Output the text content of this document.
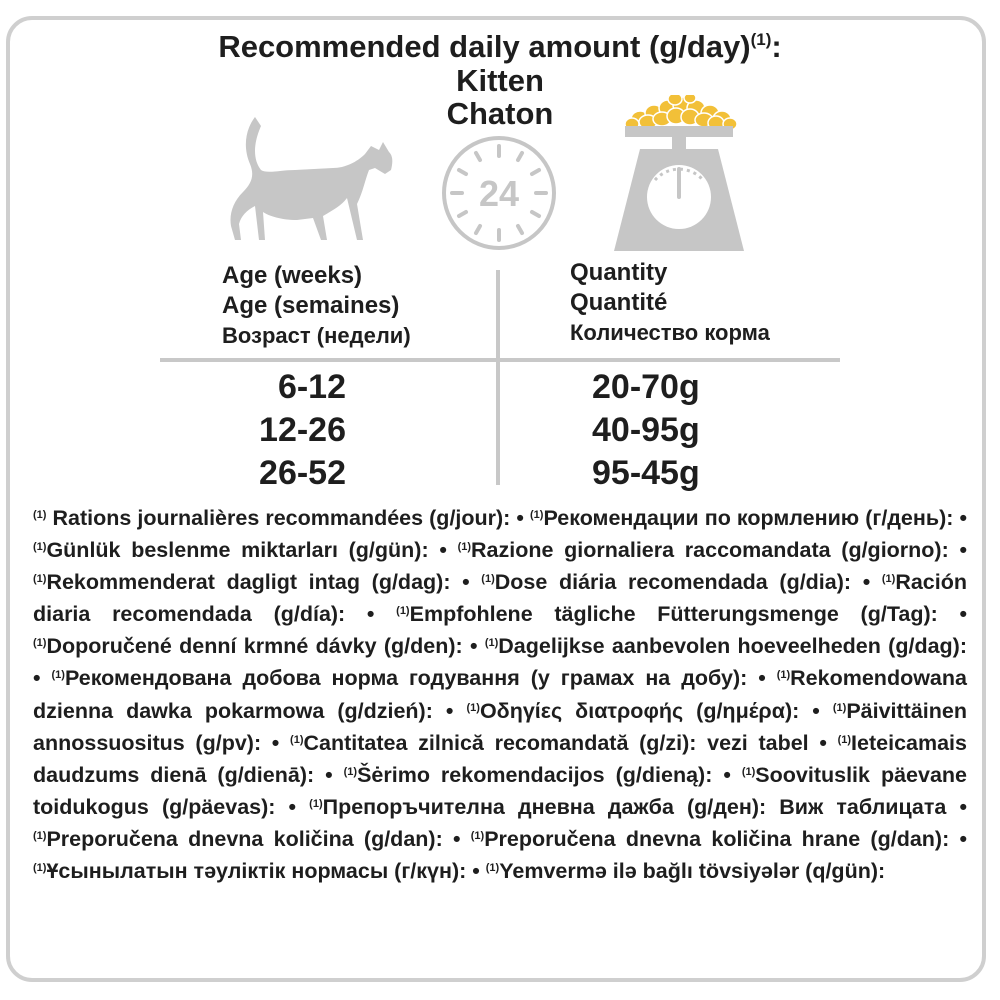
Recommended daily amount $(g/day)^{(1)}$:
Kitten
Chaton
24
Age (weeks)
Age (semaines)
Возраст (недели)
Quantity
Quantité
Количество корма
6-12
12-26
26-52
20-70g
40-95g
95-45g
$^{(1)}$ Rations journalières recommandées (g/jour): • $^{(1)}$Рекомендации по кормлению (г/день): • $^{(1)}$Günlük beslenme miktarları (g/gün): • $^{(1)}$Razione giornaliera raccomandata (g/giorno): • $^{(1)}$Rekommenderat dagligt intag (g/dag): • $^{(1)}$Dose diária recomendada (g/dia): • $^{(1)}$Ración diaria recomendada (g/día): • $^{(1)}$Empfohlene tägliche Fütterungsmenge (g/Tag): • $^{(1)}$Doporučené denní krmné dávky (g/den): • $^{(1)}$Dagelijkse aanbevolen hoeveelheden (g/dag): • $^{(1)}$Рекомендована добова норма годування (у грамах на добу): • $^{(1)}$Rekomendowana dzienna dawka pokarmowa (g/dzień): • $^{(1)}$Οδηγίες διατροφής (g/ημέρα): • $^{(1)}$Päivittäinen annossuositus (g/pv): • $^{(1)}$Cantitatea zilnică recomandată (g/zi): vezi tabel • $^{(1)}$Ieteicamais daudzums dienā (g/dienā): • $^{(1)}$Šėrimo rekomendacijos (g/dieną): • $^{(1)}$Soovituslik päevane toidukogus (g/päevas): • $^{(1)}$Препоръчителна дневна дажба (g/ден): Виж таблицата • $^{(1)}$Preporučena dnevna količina (g/dan): • $^{(1)}$Preporučena dnevna količina hrane (g/dan): • $^{(1)}$Ұсынылатын тәуліктік нормасы (г/күн): • $^{(1)}$Yemvermə ilə bağlı tövsiyələr (q/gün):
